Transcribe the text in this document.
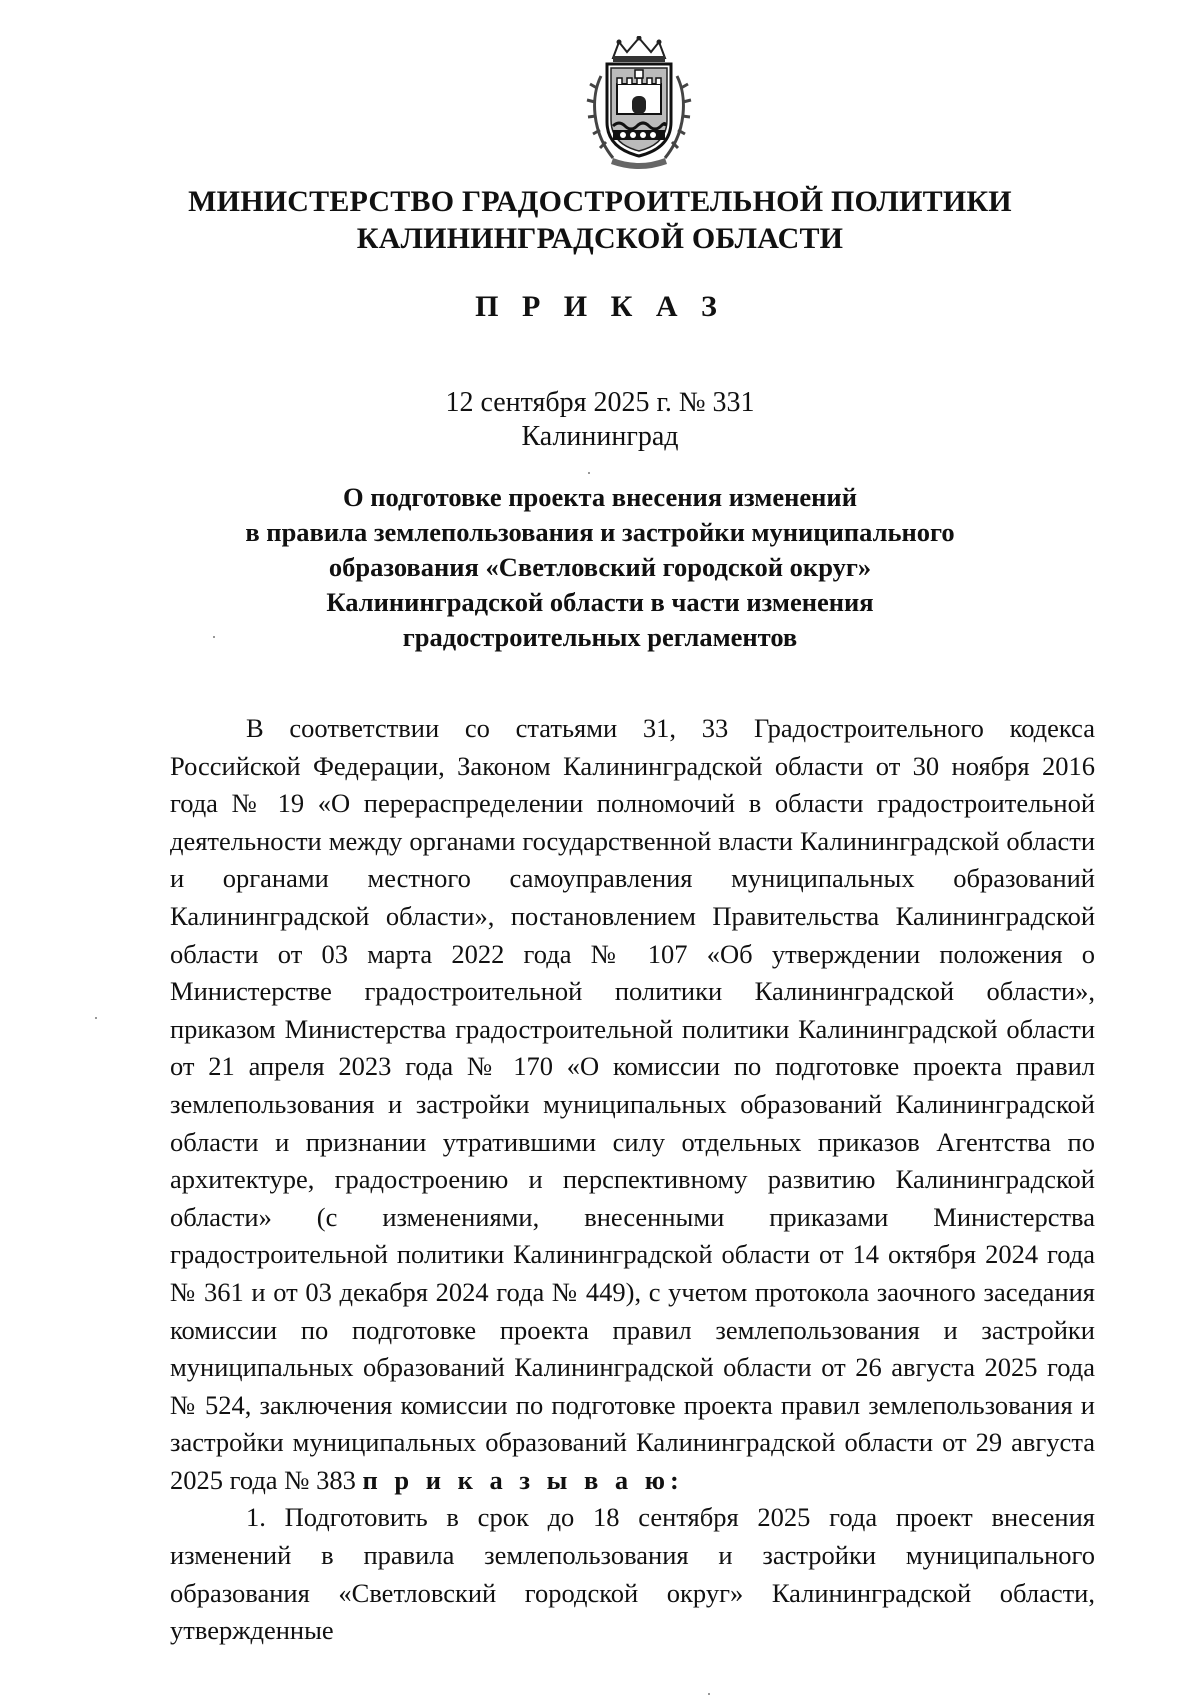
МИНИСТЕРСТВО ГРАДОСТРОИТЕЛЬНОЙ ПОЛИТИКИ
КАЛИНИНГРАДСКОЙ ОБЛАСТИ
П Р И К А З
12 сентября 2025 г. № 331
Калининград
О подготовке проекта внесения изменений
в правила землепользования и застройки муниципального
образования «Светловский городской округ»
Калининградской области в части изменения
градостроительных регламентов

В соответствии со статьями 31, 33 Градостроительного кодекса Российской Федерации, Законом Калининградской области от 30 ноября 2016 года № 19 «О перераспределении полномочий в области градостроительной деятельности между органами государственной власти Калининградской области и органами местного самоуправления муниципальных образований Калининградской области», постановлением Правительства Калининградской области от 03 марта 2022 года № 107 «Об утверждении положения о Министерстве градостроительной политики Калининградской области», приказом Министерства градостроительной политики Калининградской области от 21 апреля 2023 года № 170 «О комиссии по подготовке проекта правил землепользования и застройки муниципальных образований Калининградской области и признании утратившими силу отдельных приказов Агентства по архитектуре, градостроению и перспективному развитию Калининградской области» (с изменениями, внесенными приказами Министерства градостроительной политики Калининградской области от 14 октября 2024 года № 361 и от 03 декабря 2024 года № 449), с учетом протокола заочного заседания комиссии по подготовке проекта правил землепользования и застройки муниципальных образований Калининградской области от 26 августа 2025 года № 524, заключения комиссии по подготовке проекта правил землепользования и застройки муниципальных образований Калининградской области от 29 августа 2025 года № 383 п р и к а з ы в а ю:

1. Подготовить в срок до 18 сентября 2025 года проект внесения изменений в правила землепользования и застройки муниципального образования «Светловский городской округ» Калининградской области, утвержденные
